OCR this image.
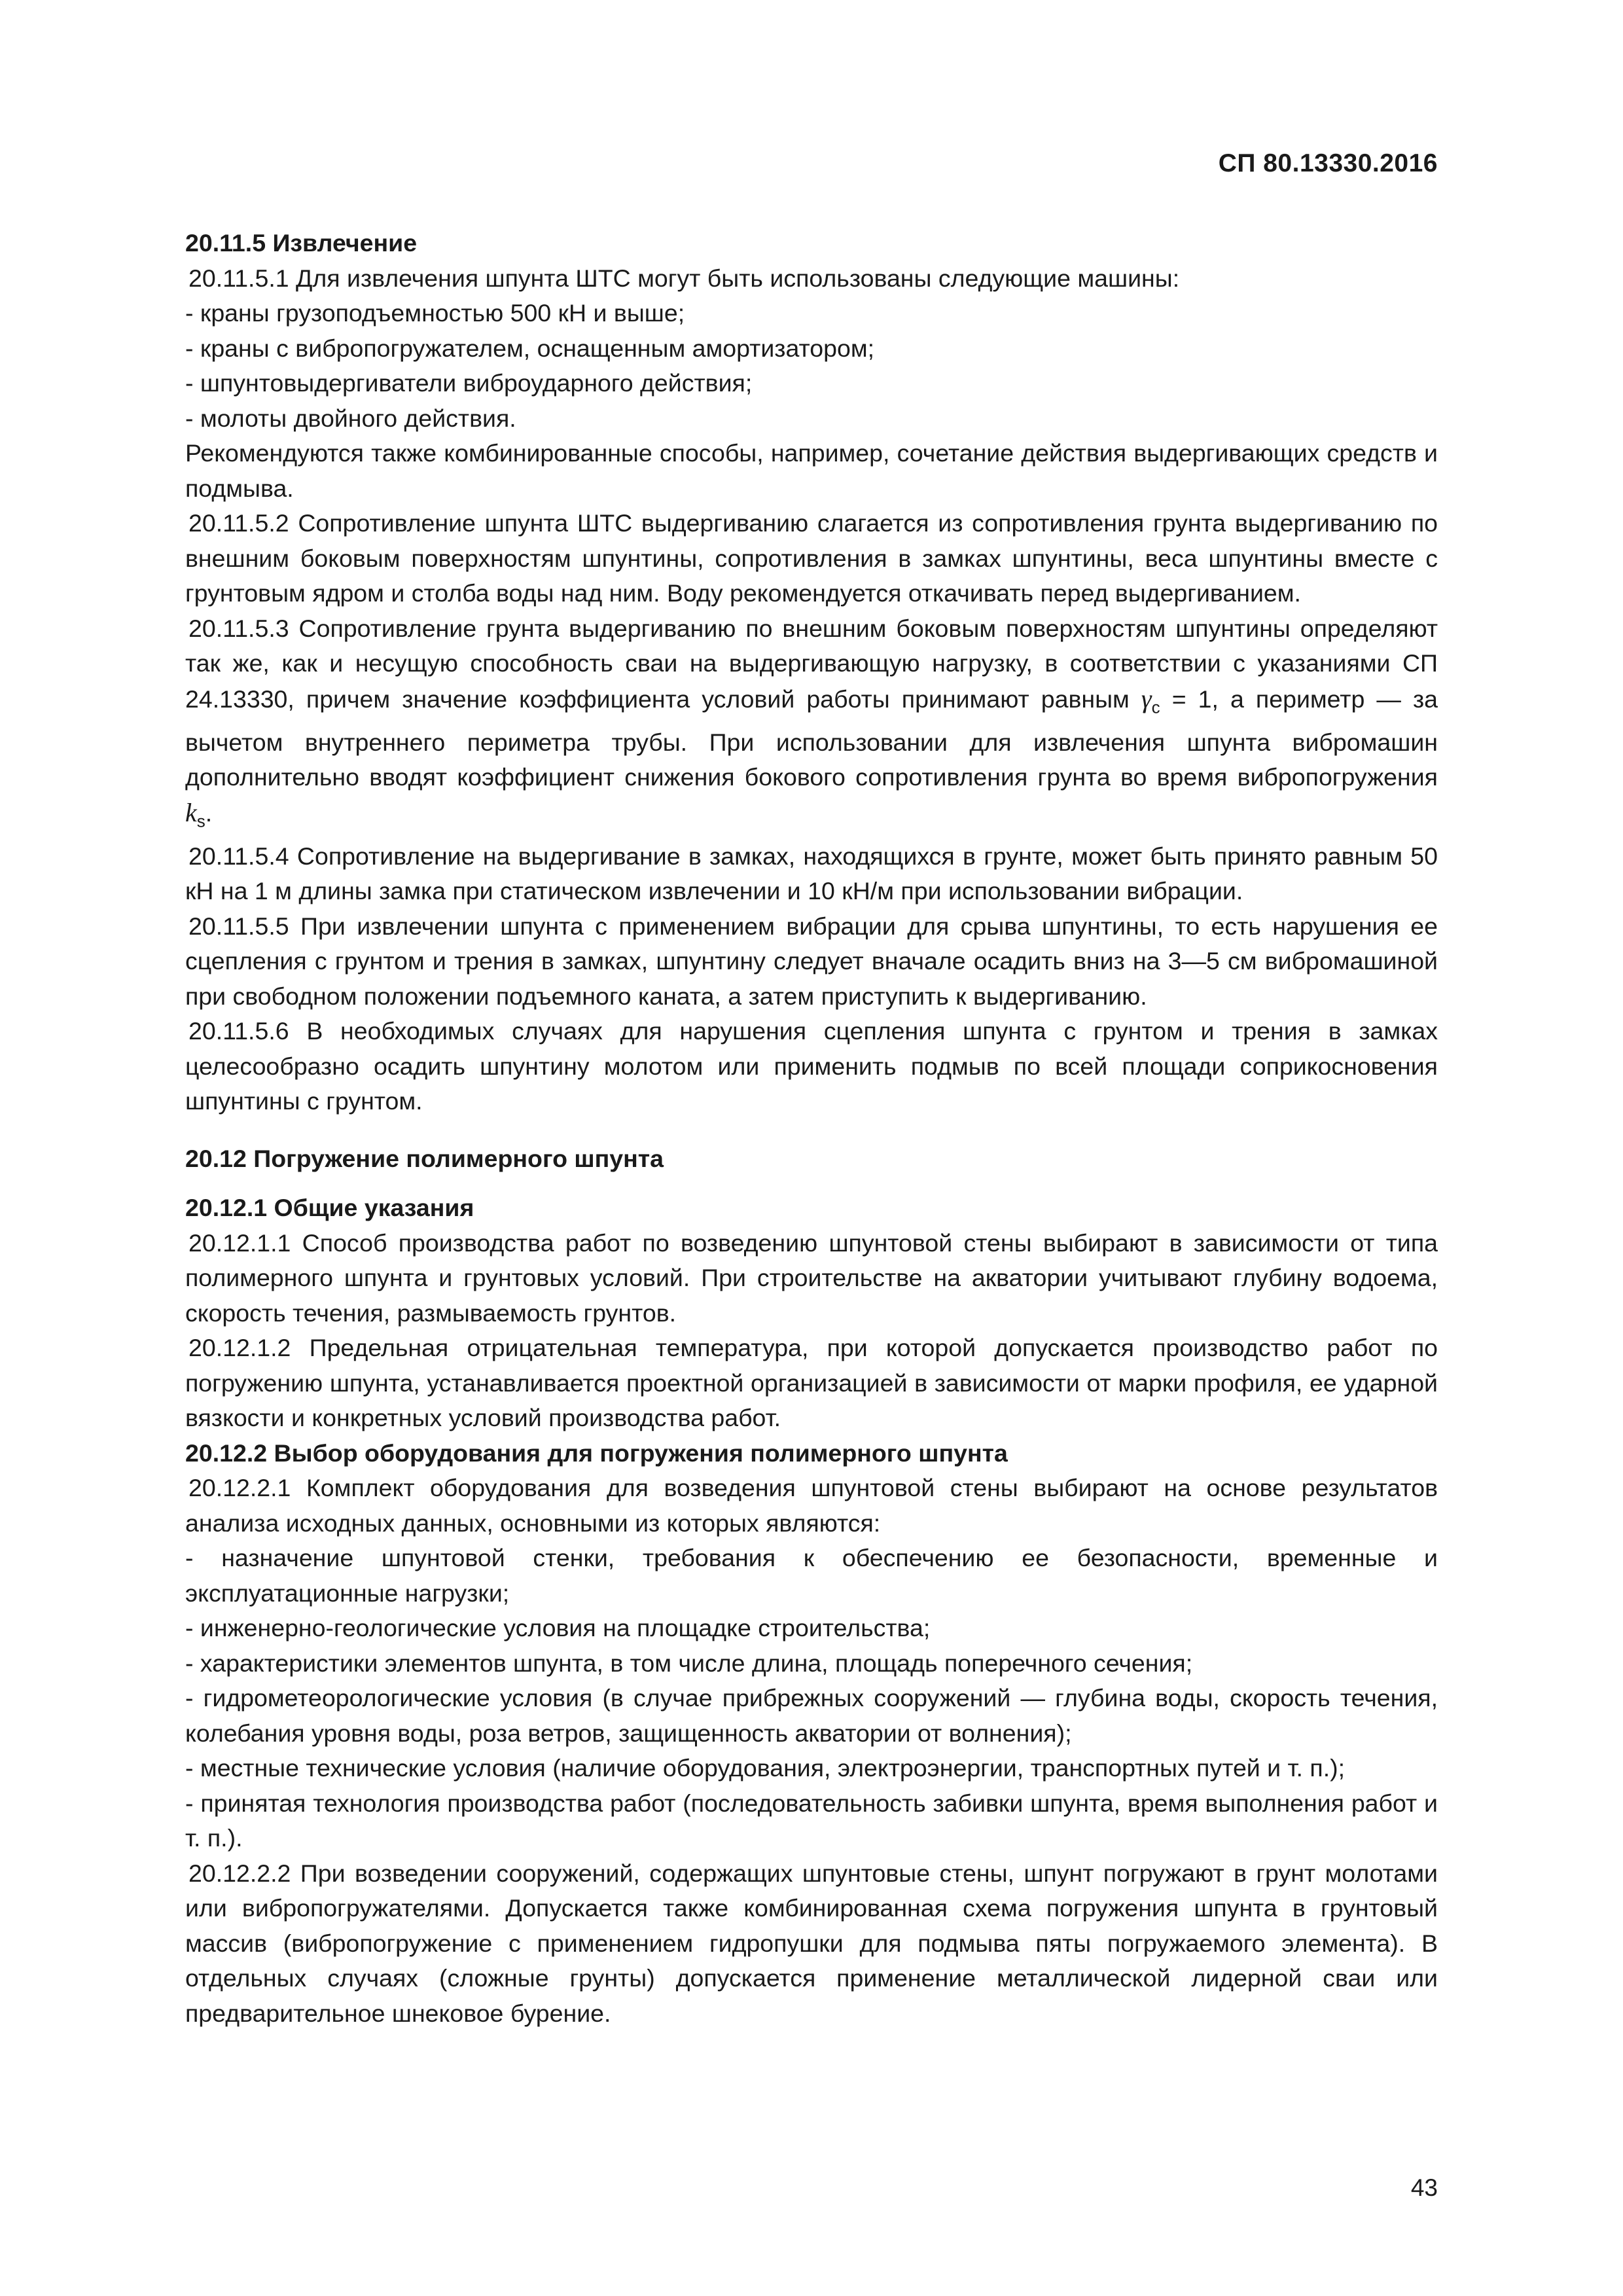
СП 80.13330.2016

20.11.5 Извлечение

20.11.5.1 Для извлечения шпунта ШТС могут быть использованы следующие машины:

- краны грузоподъемностью 500 кН и выше;

- краны с вибропогружателем, оснащенным амортизатором;

- шпунтовыдергиватели виброударного действия;

- молоты двойного действия.

Рекомендуются также комбинированные способы, например, сочетание действия выдергивающих средств и подмыва.

20.11.5.2 Сопротивление шпунта ШТС выдергиванию слагается из сопротивления грунта выдергиванию по внешним боковым поверхностям шпунтины, сопротивления в замках шпунтины, веса шпунтины вместе с грунтовым ядром и столба воды над ним. Воду рекомендуется откачивать перед выдергиванием.

20.11.5.3 Сопротивление грунта выдергиванию по внешним боковым поверхностям шпунтины определяют так же, как и несущую способность сваи на выдергивающую нагрузку, в соответствии с указаниями СП 24.13330, причем значение коэффициента условий работы принимают равным $\gamma_c = 1$, а периметр — за вычетом внутреннего периметра трубы. При использовании для извлечения шпунта вибромашин дополнительно вводят коэффициент снижения бокового сопротивления грунта во время вибропогружения $k_s$.

20.11.5.4 Сопротивление на выдергивание в замках, находящихся в грунте, может быть принято равным 50 кН на 1 м длины замка при статическом извлечении и 10 кН/м при использовании вибрации.

20.11.5.5 При извлечении шпунта с применением вибрации для срыва шпунтины, то есть нарушения ее сцепления с грунтом и трения в замках, шпунтину следует вначале осадить вниз на 3—5 см вибромашиной при свободном положении подъемного каната, а затем приступить к выдергиванию.

20.11.5.6 В необходимых случаях для нарушения сцепления шпунта с грунтом и трения в замках целесообразно осадить шпунтину молотом или применить подмыв по всей площади соприкосновения шпунтины с грунтом.

20.12 Погружение полимерного шпунта

20.12.1 Общие указания

20.12.1.1 Способ производства работ по возведению шпунтовой стены выбирают в зависимости от типа полимерного шпунта и грунтовых условий. При строительстве на акватории учитывают глубину водоема, скорость течения, размываемость грунтов.

20.12.1.2 Предельная отрицательная температура, при которой допускается производство работ по погружению шпунта, устанавливается проектной организацией в зависимости от марки профиля, ее ударной вязкости и конкретных условий производства работ.

20.12.2 Выбор оборудования для погружения полимерного шпунта

20.12.2.1 Комплект оборудования для возведения шпунтовой стены выбирают на основе результатов анализа исходных данных, основными из которых являются:

- назначение шпунтовой стенки, требования к обеспечению ее безопасности, временные и эксплуатационные нагрузки;

- инженерно-геологические условия на площадке строительства;

- характеристики элементов шпунта, в том числе длина, площадь поперечного сечения;

- гидрометеорологические условия (в случае прибрежных сооружений — глубина воды, скорость течения, колебания уровня воды, роза ветров, защищенность акватории от волнения);

- местные технические условия (наличие оборудования, электроэнергии, транспортных путей и т. п.);

- принятая технология производства работ (последовательность забивки шпунта, время выполнения работ и т. п.).

20.12.2.2 При возведении сооружений, содержащих шпунтовые стены, шпунт погружают в грунт молотами или вибропогружателями. Допускается также комбинированная схема погружения шпунта в грунтовый массив (вибропогружение с применением гидропушки для подмыва пяты погружаемого элемента). В отдельных случаях (сложные грунты) допускается применение металлической лидерной сваи или предварительное шнековое бурение.

43
